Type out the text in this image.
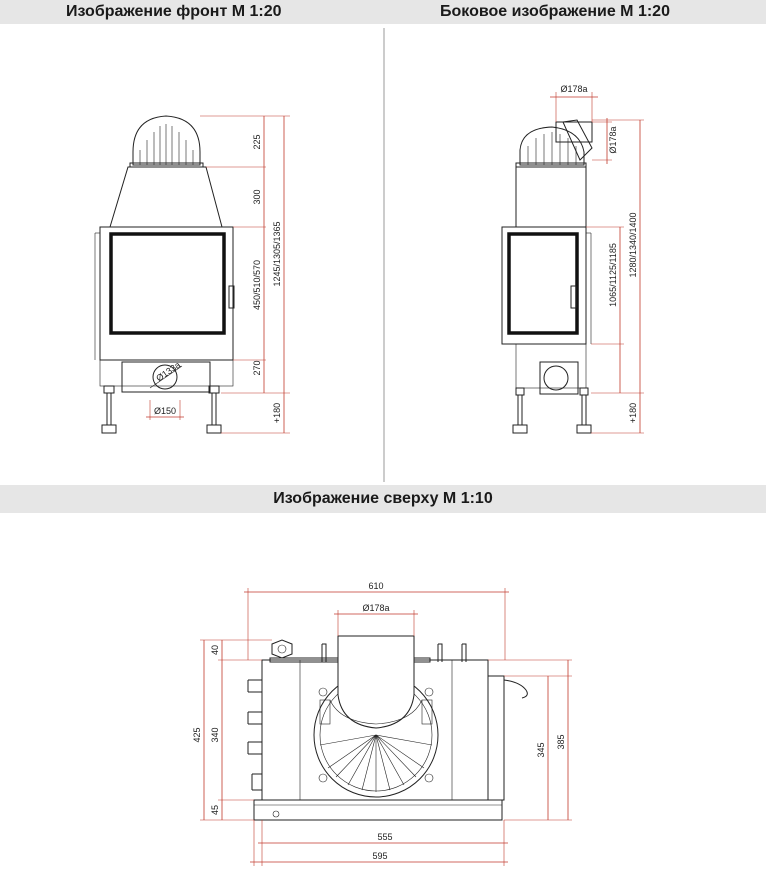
Изображение фронт М 1:20	Боковое изображение М 1:20
Изображение сверху М 1:10
225
300
450/510/570 1245/1305/1365
270
+180
Ø150
Ø133a
Ø178a
Ø178a
1065/1125/1185 1280/1340/1400
+180
610
Ø178a
40
425 340
45
345
385
555
595
